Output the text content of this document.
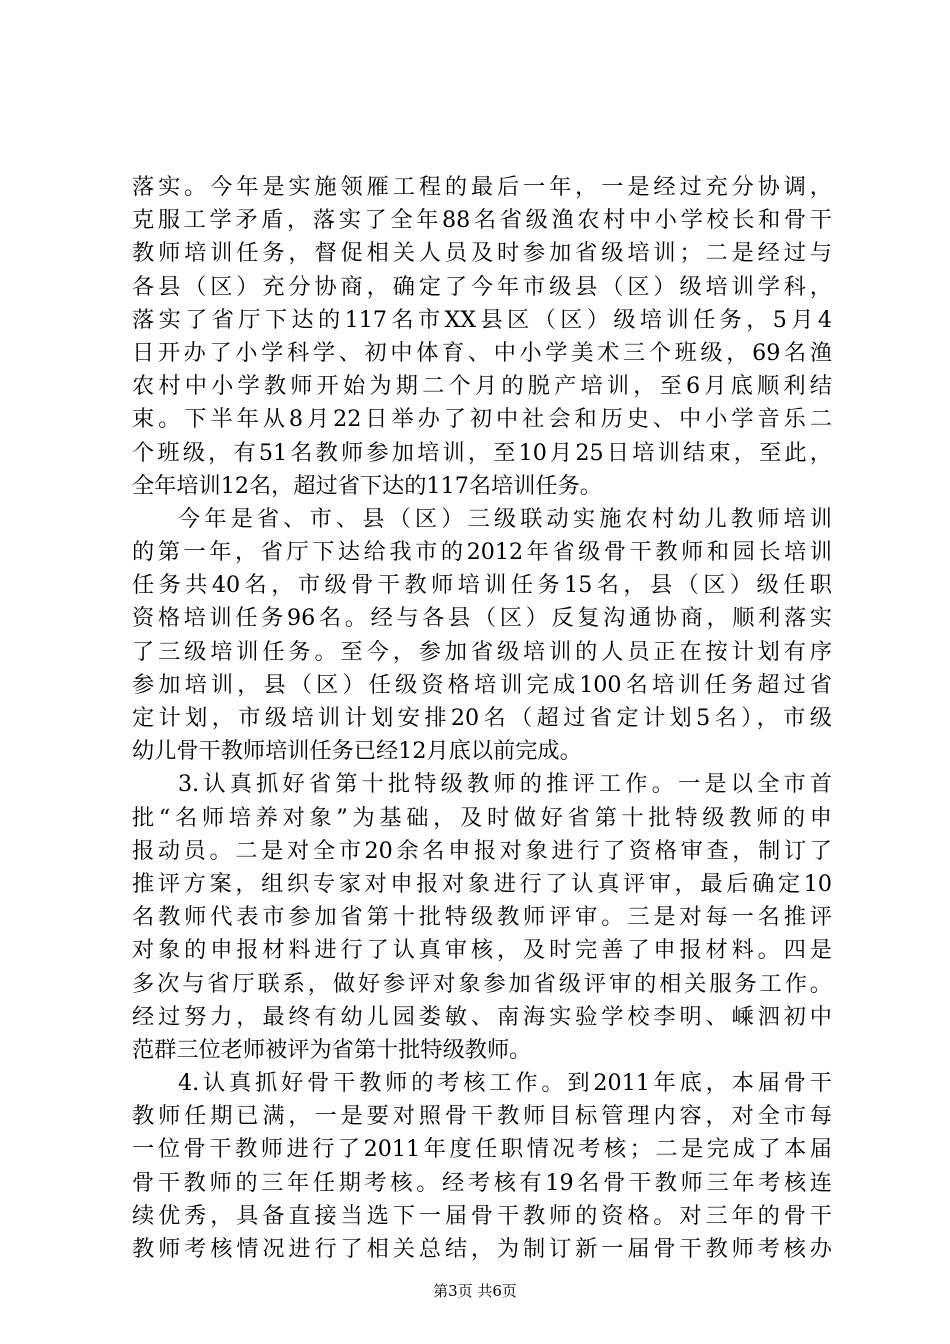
落实。今年是实施领雁工程的最后一年，一是经过充分协调，
克服工学矛盾，落实了全年88名省级渔农村中小学校长和骨干
教师培训任务，督促相关人员及时参加省级培训；二是经过与
各县（区）充分协商，确定了今年市级县（区）级培训学科，
落实了省厅下达的117名市XX县区（区）级培训任务，5月4
日开办了小学科学、初中体育、中小学美术三个班级，69名渔
农村中小学教师开始为期二个月的脱产培训，至6月底顺利结
束。下半年从8月22日举办了初中社会和历史、中小学音乐二
个班级，有51名教师参加培训，至10月25日培训结束，至此，
全年培训12名，超过省下达的117名培训任务。
今年是省、市、县（区）三级联动实施农村幼儿教师培训
的第一年，省厅下达给我市的2012年省级骨干教师和园长培训
任务共40名，市级骨干教师培训任务15名，县（区）级任职
资格培训任务96名。经与各县（区）反复沟通协商，顺利落实
了三级培训任务。至今，参加省级培训的人员正在按计划有序
参加培训，县（区）任级资格培训完成100名培训任务超过省
定计划，市级培训计划安排20名（超过省定计划5名），市级
幼儿骨干教师培训任务已经12月底以前完成。
3.认真抓好省第十批特级教师的推评工作。一是以全市首
批“名师培养对象”为基础，及时做好省第十批特级教师的申
报动员。二是对全市20余名申报对象进行了资格审查，制订了
推评方案，组织专家对申报对象进行了认真评审，最后确定10
名教师代表市参加省第十批特级教师评审。三是对每一名推评
对象的申报材料进行了认真审核，及时完善了申报材料。四是
多次与省厅联系，做好参评对象参加省级评审的相关服务工作。
经过努力，最终有幼儿园娄敏、南海实验学校李明、嵊泗初中
范群三位老师被评为省第十批特级教师。
4.认真抓好骨干教师的考核工作。到2011年底，本届骨干
教师任期已满，一是要对照骨干教师目标管理内容，对全市每
一位骨干教师进行了2011年度任职情况考核；二是完成了本届
骨干教师的三年任期考核。经考核有19名骨干教师三年考核连
续优秀，具备直接当选下一届骨干教师的资格。对三年的骨干
教师考核情况进行了相关总结，为制订新一届骨干教师考核办
第3页 共6页
